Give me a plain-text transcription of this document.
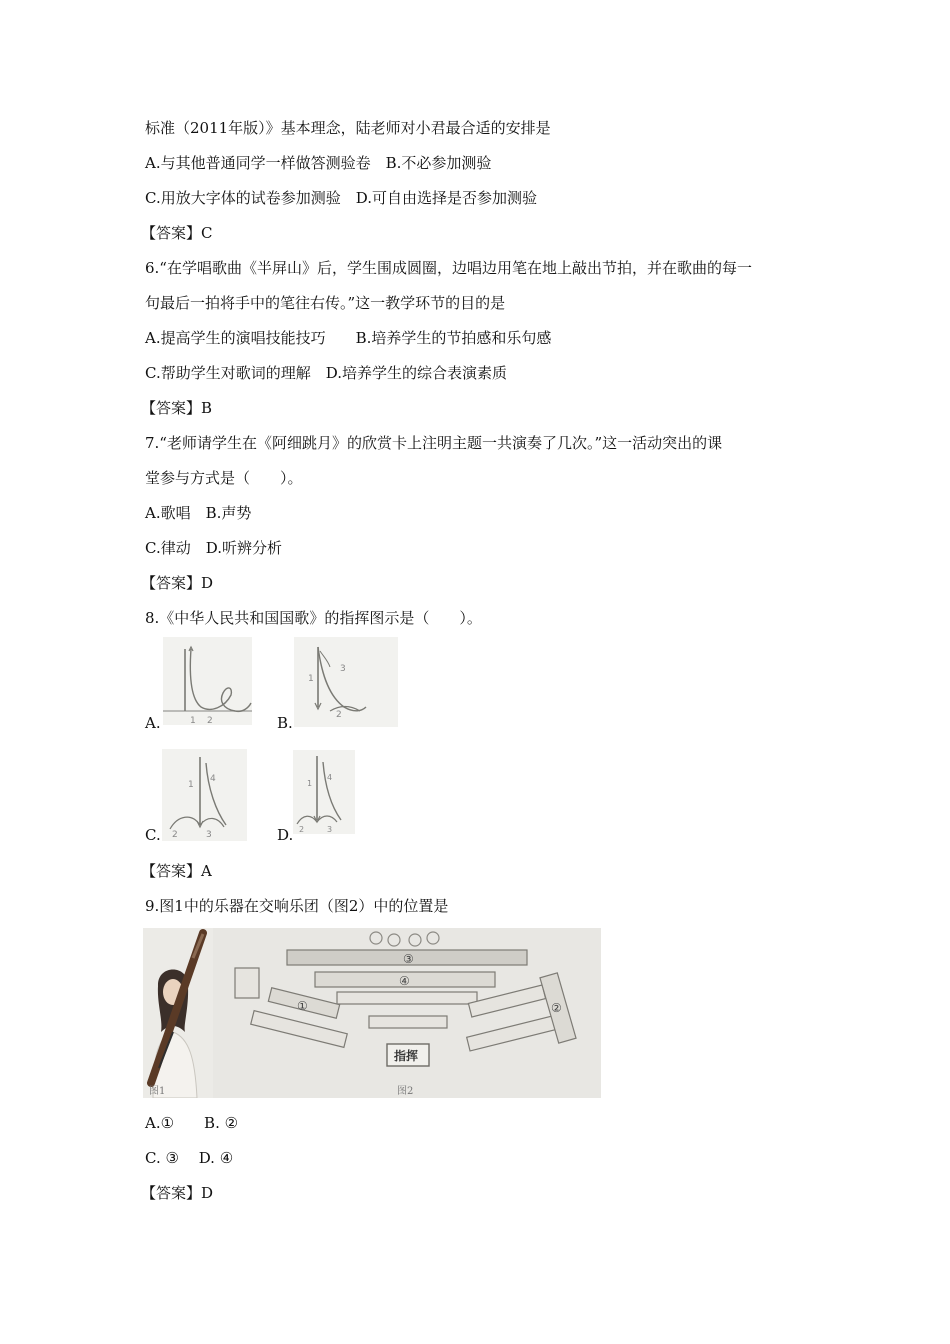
标准（2011年版）》基本理念，陆老师对小君最合适的安排是
A.与其他普通同学一样做答测验卷　B.不必参加测验
C.用放大字体的试卷参加测验　D.可自由选择是否参加测验
【答案】C
6.“在学唱歌曲《半屏山》后，学生围成圆圈，边唱边用笔在地上敲出节拍，并在歌曲的每一
句最后一拍将手中的笔往右传。”这一教学环节的目的是
A.提高学生的演唱技能技巧　　B.培养学生的节拍感和乐句感
C.帮助学生对歌词的理解　D.培养学生的综合表演素质
【答案】B
7.“老师请学生在《阿细跳月》的欣赏卡上注明主题一共演奏了几次。”这一活动突出的课
堂参与方式是（　　）。
A.歌唱　B.声势
C.律动　D.听辨分析
【答案】D
8.《中华人民共和国国歌》的指挥图示是（　　）。
A.	1 2	B.
1
2
3
C.
1
2	3
4
D.
1
2	3
4
【答案】A
9.图1中的乐器在交响乐团（图2）中的位置是
图1
③
④
①	②
指挥
图2
A.①　　B. ②
C. ③　 D. ④
【答案】D
